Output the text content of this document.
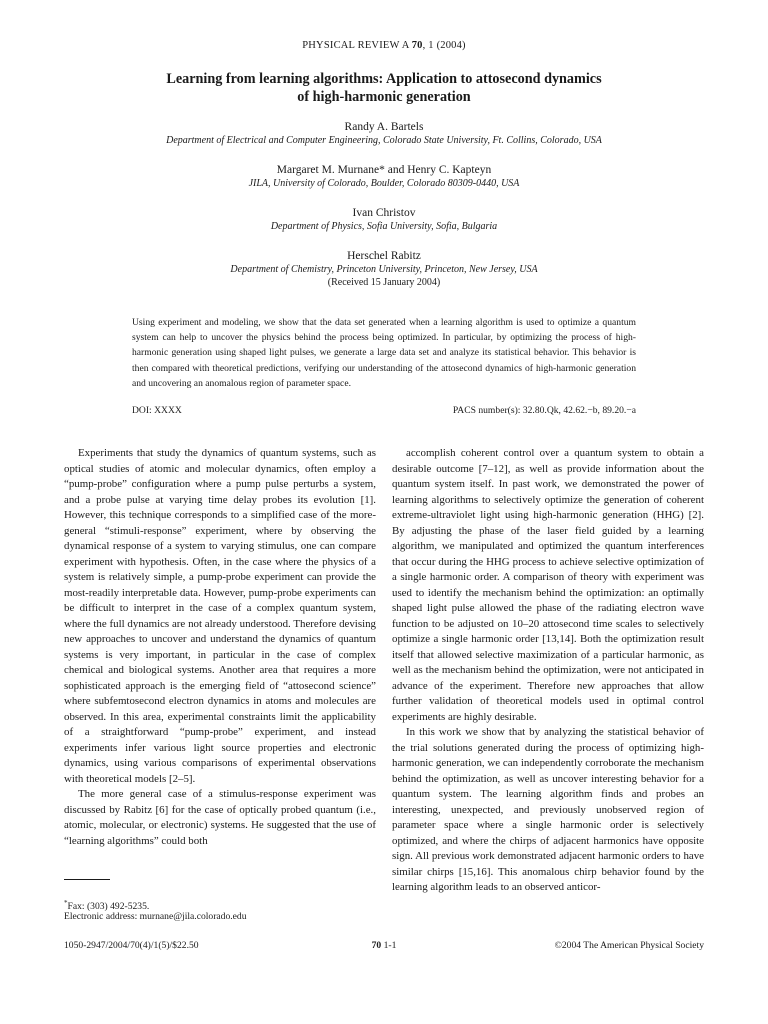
PHYSICAL REVIEW A 70, 1 (2004)
Learning from learning algorithms: Application to attosecond dynamics
of high-harmonic generation
Randy A. Bartels
Department of Electrical and Computer Engineering, Colorado State University, Ft. Collins, Colorado, USA
Margaret M. Murnane* and Henry C. Kapteyn
JILA, University of Colorado, Boulder, Colorado 80309-0440, USA
Ivan Christov
Department of Physics, Sofia University, Sofia, Bulgaria
Herschel Rabitz
Department of Chemistry, Princeton University, Princeton, New Jersey, USA
(Received 15 January 2004)
Using experiment and modeling, we show that the data set generated when a learning algorithm is used to optimize a quantum system can help to uncover the physics behind the process being optimized. In particular, by optimizing the process of high-harmonic generation using shaped light pulses, we generate a large data set and analyze its statistical behavior. This behavior is then compared with theoretical predictions, verifying our understanding of the attosecond dynamics of high-harmonic generation and uncovering an anomalous region of parameter space.
DOI: XXXX	PACS number(s): 32.80.Qk, 42.62.−b, 89.20.−a

Experiments that study the dynamics of quantum systems, such as optical studies of atomic and molecular dynamics, often employ a “pump-probe” configuration where a pump pulse perturbs a system, and a probe pulse at varying time delay probes its evolution [1]. However, this technique corresponds to a simplified case of the more-general “stimuli-response” experiment, where by observing the dynamical response of a system to varying stimulus, one can compare experiment with hypothesis. Often, in the case where the physics of a system is relatively simple, a pump-probe experiment can provide the most-readily interpretable data. However, pump-probe experiments can be difficult to interpret in the case of a complex quantum system, where the full dynamics are not already understood. Therefore devising new approaches to uncover and understand the dynamics of quantum systems is very important, in particular in the case of complex chemical and biological systems. Another area that requires a more sophisticated approach is the emerging field of “attosecond science” where subfemtosecond electron dynamics in atoms and molecules are observed. In this area, experimental constraints limit the applicability of a straightforward “pump-probe” experiment, and instead experiments infer various light source properties and electronic dynamics, using various comparisons of experimental observations with theoretical models [2–5].

The more general case of a stimulus-response experiment was discussed by Rabitz [6] for the case of optically probed quantum (i.e., atomic, molecular, or electronic) systems. He suggested that the use of “learning algorithms” could both

accomplish coherent control over a quantum system to obtain a desirable outcome [7–12], as well as provide information about the quantum system itself. In past work, we demonstrated the power of learning algorithms to selectively optimize the generation of coherent extreme-ultraviolet light using high-harmonic generation (HHG) [2]. By adjusting the phase of the laser field guided by a learning algorithm, we manipulated and optimized the quantum interferences that occur during the HHG process to achieve selective optimization of a single harmonic order. A comparison of theory with experiment was used to identify the mechanism behind the optimization: an optimally shaped light pulse allowed the phase of the radiating electron wave function to be adjusted on 10–20 attosecond time scales to selectively optimize a single harmonic order [13,14]. Both the optimization result itself that allowed selective maximization of a particular harmonic, as well as the mechanism behind the optimization, were not anticipated in advance of the experiment. Therefore new approaches that allow further validation of theoretical models used in optimal control experiments are highly desirable.

In this work we show that by analyzing the statistical behavior of the trial solutions generated during the process of optimizing high-harmonic generation, we can independently corroborate the mechanism behind the optimization, as well as uncover interesting behavior for a quantum system. The learning algorithm finds and probes an interesting, unexpected, and previously unobserved region of parameter space where a single harmonic order is selectively optimized, and where the chirps of adjacent harmonics have opposite sign. All previous work demonstrated adjacent harmonic orders to have similar chirps [15,16]. This anomalous chirp behavior found by the learning algorithm leads to an observed anticor-

*Fax: (303) 492-5235.
Electronic address: murnane@jila.colorado.edu
1050-2947/2004/70(4)/1(5)/$22.50	70 1-1	©2004 The American Physical Society
